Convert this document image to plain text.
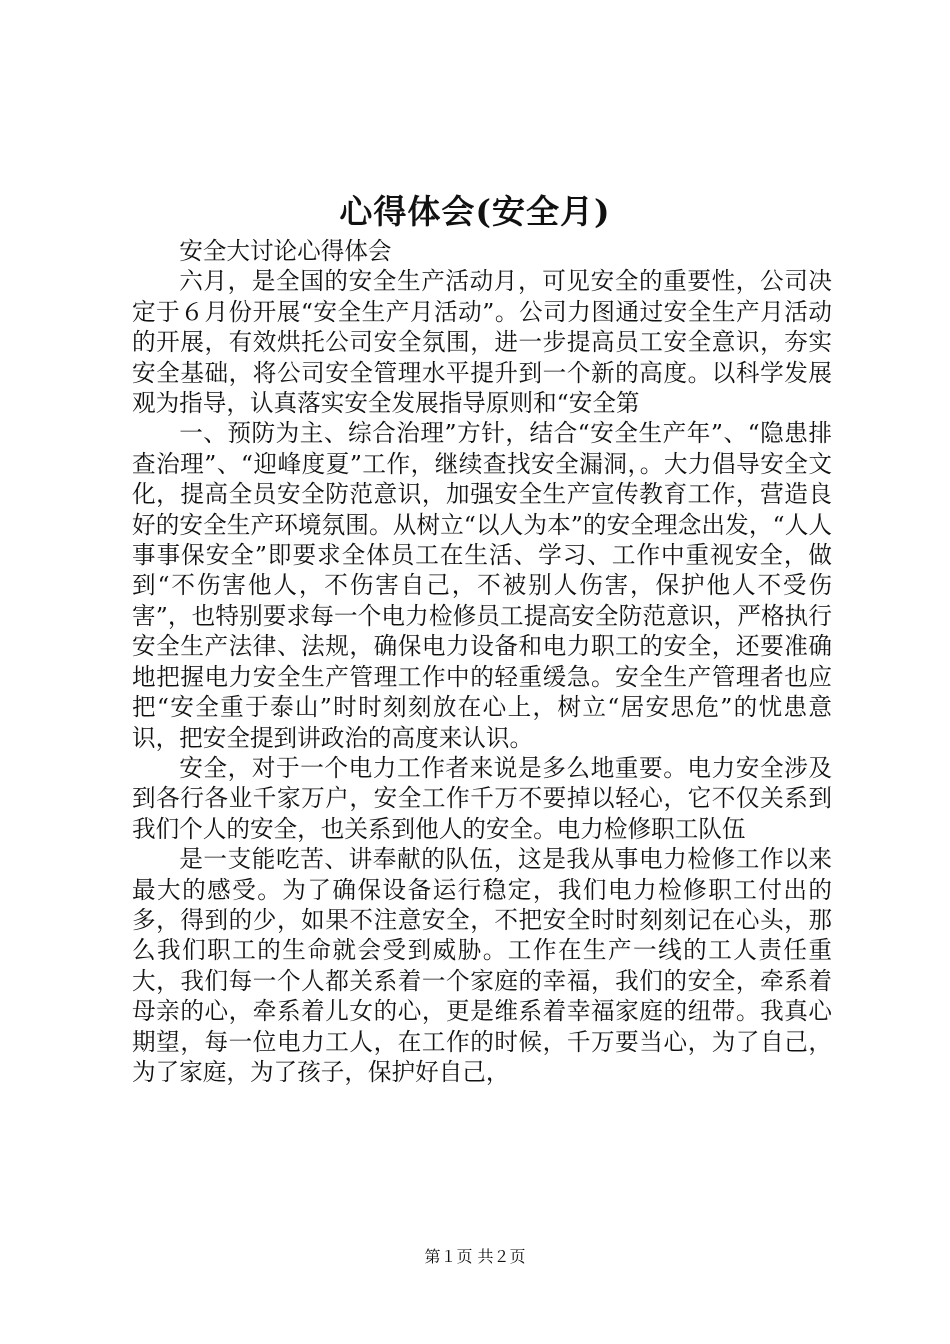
心得体会(安全月)

安全大讨论心得体会

六月，是全国的安全生产活动月，可见安全的重要性，公司决定于６月份开展“安全生产月活动”。公司力图通过安全生产月活动的开展，有效烘托公司安全氛围，进一步提高员工安全意识，夯实安全基础，将公司安全管理水平提升到一个新的高度。以科学发展观为指导，认真落实安全发展指导原则和“安全第

一、预防为主、综合治理”方针，结合“安全生产年”、“隐患排查治理”、“迎峰度夏”工作，继续查找安全漏洞，。大力倡导安全文化，提高全员安全防范意识，加强安全生产宣传教育工作，营造良好的安全生产环境氛围。从树立“以人为本”的安全理念出发，“人人事事保安全”即要求全体员工在生活、学习、工作中重视安全，做到“不伤害他人，不伤害自己，不被别人伤害，保护他人不受伤害”，也特别要求每一个电力检修员工提高安全防范意识，严格执行安全生产法律、法规，确保电力设备和电力职工的安全，还要准确地把握电力安全生产管理工作中的轻重缓急。安全生产管理者也应把“安全重于泰山”时时刻刻放在心上，树立“居安思危”的忧患意识，把安全提到讲政治的高度来认识。

安全，对于一个电力工作者来说是多么地重要。电力安全涉及到各行各业千家万户，安全工作千万不要掉以轻心，它不仅关系到我们个人的安全，也关系到他人的安全。电力检修职工队伍

是一支能吃苦、讲奉献的队伍，这是我从事电力检修工作以来最大的感受。为了确保设备运行稳定，我们电力检修职工付出的多，得到的少，如果不注意安全，不把安全时时刻刻记在心头，那么我们职工的生命就会受到威胁。工作在生产一线的工人责任重大，我们每一个人都关系着一个家庭的幸福，我们的安全，牵系着母亲的心，牵系着儿女的心，更是维系着幸福家庭的纽带。我真心期望，每一位电力工人，在工作的时候，千万要当心，为了自己，为了家庭，为了孩子，保护好自己，

第１页 共２页
